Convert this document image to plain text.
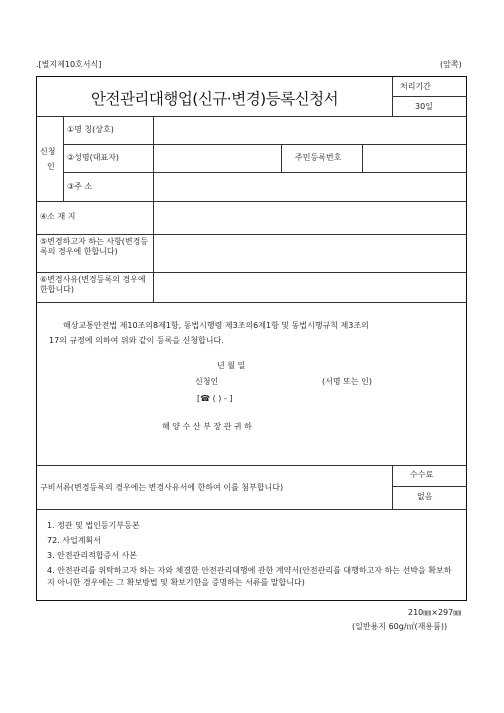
.[별지제10호서식]	(앞쪽)
안전관리대행업(신규·변경)등록신청서
처리기간
30일
신청
인
①명 칭(상호)
②성명(대표자)	주민등록번호
③주 소
④소 재 지
⑤변경하고자 하는 사항(변경등록의 경우에 한합니다)
⑥변경사유(변경등록의 경우에 한합니다)
해상교통안전법 제10조의8제1항, 동법시행령 제3조의6제1항 및 동법시행규칙 제3조의
17의 규정에 의하여 위와 같이 등록을 신청합니다.
년 월 일
신청인	(서명 또는 인)
[☎ ( ) - ]
해 양 수 산 부 장 관 귀 하
구비서류(변경등록의 경우에는 변경사유서에 한하여 이를 첨부합니다)
수수료
없음
1. 정관 및 법인등기부등본
72. 사업계획서
3. 안전관리적합증서 사본
4. 안전관리를 위탁하고자 하는 자와 체결한 안전관리대행에 관한 계약서(안전관리를 대행하고자 하는 선박을 확보하지 아니한 경우에는 그 확보방법 및 확보기한을 증명하는 서류를 말합니다)
210㎜×297㎜
(일반용지 60g/㎡(재용품))
